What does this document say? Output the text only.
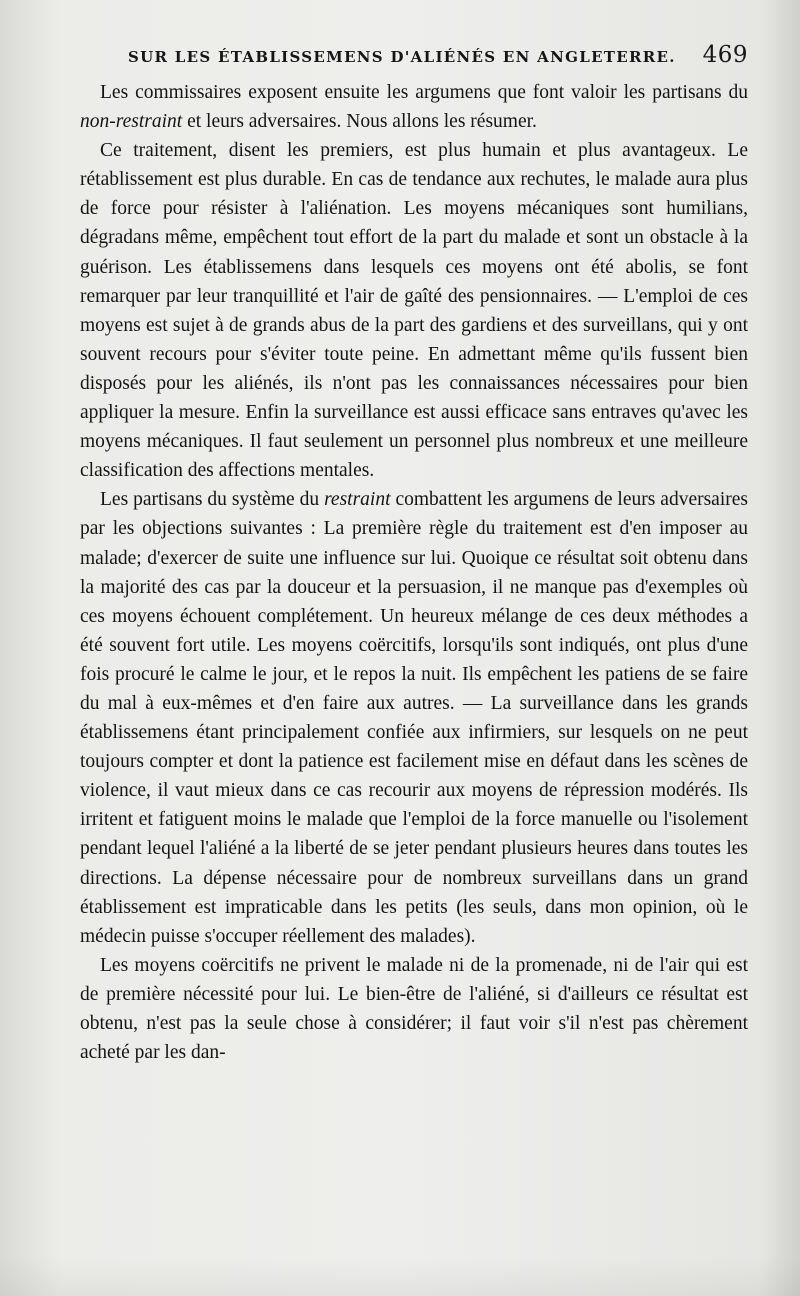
SUR LES ÉTABLISSEMENS D'ALIÉNÉS EN ANGLETERRE. 469

Les commissaires exposent ensuite les argumens que font valoir les partisans du non-restraint et leurs adversaires. Nous allons les résumer.

Ce traitement, disent les premiers, est plus humain et plus avantageux. Le rétablissement est plus durable. En cas de tendance aux rechutes, le malade aura plus de force pour résister à l'aliénation. Les moyens mécaniques sont humilians, dégradans même, empêchent tout effort de la part du malade et sont un obstacle à la guérison. Les établissemens dans lesquels ces moyens ont été abolis, se font remarquer par leur tranquillité et l'air de gaîté des pensionnaires. — L'emploi de ces moyens est sujet à de grands abus de la part des gardiens et des surveillans, qui y ont souvent recours pour s'éviter toute peine. En admettant même qu'ils fussent bien disposés pour les aliénés, ils n'ont pas les connaissances nécessaires pour bien appliquer la mesure. Enfin la surveillance est aussi efficace sans entraves qu'avec les moyens mécaniques. Il faut seulement un personnel plus nombreux et une meilleure classification des affections mentales.

Les partisans du système du restraint combattent les argumens de leurs adversaires par les objections suivantes : La première règle du traitement est d'en imposer au malade; d'exercer de suite une influence sur lui. Quoique ce résultat soit obtenu dans la majorité des cas par la douceur et la persuasion, il ne manque pas d'exemples où ces moyens échouent complétement. Un heureux mélange de ces deux méthodes a été souvent fort utile. Les moyens coërcitifs, lorsqu'ils sont indiqués, ont plus d'une fois procuré le calme le jour, et le repos la nuit. Ils empêchent les patiens de se faire du mal à eux-mêmes et d'en faire aux autres. — La surveillance dans les grands établissemens étant principalement confiée aux infirmiers, sur lesquels on ne peut toujours compter et dont la patience est facilement mise en défaut dans les scènes de violence, il vaut mieux dans ce cas recourir aux moyens de répression modérés. Ils irritent et fatiguent moins le malade que l'emploi de la force manuelle ou l'isolement pendant lequel l'aliéné a la liberté de se jeter pendant plusieurs heures dans toutes les directions. La dépense nécessaire pour de nombreux surveillans dans un grand établissement est impraticable dans les petits (les seuls, dans mon opinion, où le médecin puisse s'occuper réellement des malades).

Les moyens coërcitifs ne privent le malade ni de la promenade, ni de l'air qui est de première nécessité pour lui. Le bien-être de l'aliéné, si d'ailleurs ce résultat est obtenu, n'est pas la seule chose à considérer; il faut voir s'il n'est pas chèrement acheté par les dan-
